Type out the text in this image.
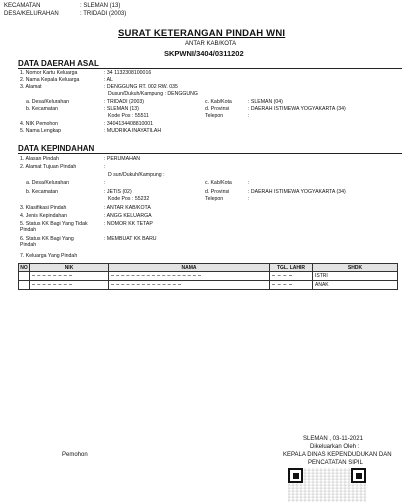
KECAMATAN	: SLEMAN (13)
DESA/KELURAHAN	: TRIDADI (2003)
SURAT KETERANGAN PINDAH WNI
ANTAR KAB/KOTA
SKPWNI/3404/0311202
DATA DAERAH ASAL
1. Nomor Kartu Keluarga	: 34 1132308100016
2. Nama Kepala Keluarga	: AL
3. Alamat	: DENGGUNG RT. 002 RW. 035
Dusun/Dukuh/Kampung : DENGGUNG
a. Desa/Kelurahan	: TRIDADI (2003)	c. Kab/Kota	: SLEMAN (04)
b. Kecamatan	: SLEMAN (13)	d. Provinsi	: DAERAH ISTIMEWA YOGYAKARTA (34)
Kode Pos : 55511	Telepon	:
4. NIK Pemohon	: 3404134408810001
5. Nama Lengkap	: MUDRIKA INAYATILAH
DATA KEPINDAHAN
1. Alasan Pindah	: PERUMAHAN
2. Alamat Tujuan Pindah	:
D sun/Dukuh/Kampung :
a. Desa/Kelurahan	:	c. Kab/Kota	:
b. Kecamatan	: JETIS (02)	d. Provinsi	: DAERAH ISTIMEWA YOGYAKARTA (34)
Kode Pos : 55232	Telepon	:
3. Klasifikasi Pindah	: ANTAR KAB/KOTA
4. Jenis Kepindahan	: ANGG KELUARGA
5. Status KK Bagi Yang Tidak Pindah
: NOMOR KK TETAP
6. Status KK Bagi Yang Pindah
: MEMBUAT KK BARU
7. Keluarga Yang Pindah
NO	NIK	NAMA	TGL. LAHIR	SHDK
				ISTRI
				ANAK
SLEMAN , 03-11-2021
Dikeluarkan Oleh :
KEPALA DINAS KEPENDUDUKAN DAN
PENCATATAN SIPIL
Pemohon
